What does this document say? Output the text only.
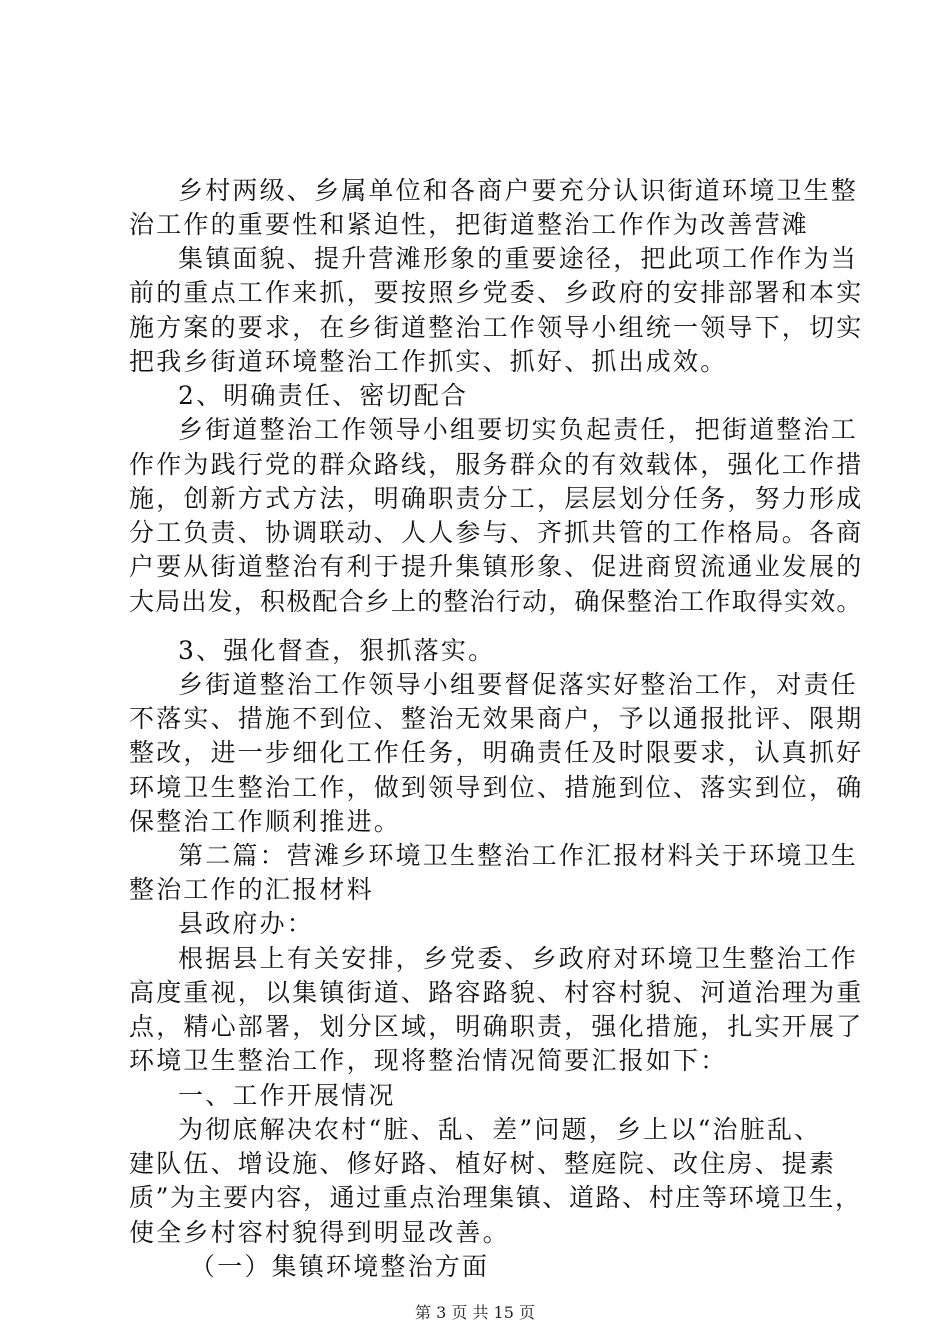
乡村两级、乡属单位和各商户要充分认识街道环境卫生整
治工作的重要性和紧迫性，把街道整治工作作为改善营滩
集镇面貌、提升营滩形象的重要途径，把此项工作作为当
前的重点工作来抓，要按照乡党委、乡政府的安排部署和本实
施方案的要求，在乡街道整治工作领导小组统一领导下，切实
把我乡街道环境整治工作抓实、抓好、抓出成效。
2、明确责任、密切配合
乡街道整治工作领导小组要切实负起责任，把街道整治工
作作为践行党的群众路线，服务群众的有效载体，强化工作措
施，创新方式方法，明确职责分工，层层划分任务，努力形成
分工负责、协调联动、人人参与、齐抓共管的工作格局。各商
户要从街道整治有利于提升集镇形象、促进商贸流通业发展的
大局出发，积极配合乡上的整治行动，确保整治工作取得实效。
3、强化督查，狠抓落实。
乡街道整治工作领导小组要督促落实好整治工作，对责任
不落实、措施不到位、整治无效果商户，予以通报批评、限期
整改，进一步细化工作任务，明确责任及时限要求，认真抓好
环境卫生整治工作，做到领导到位、措施到位、落实到位，确
保整治工作顺利推进。
第二篇：营滩乡环境卫生整治工作汇报材料关于环境卫生
整治工作的汇报材料
县政府办：
根据县上有关安排，乡党委、乡政府对环境卫生整治工作
高度重视，以集镇街道、路容路貌、村容村貌、河道治理为重
点，精心部署，划分区域，明确职责，强化措施，扎实开展了
环境卫生整治工作，现将整治情况简要汇报如下：
一、工作开展情况
为彻底解决农村“脏、乱、差”问题，乡上以“治脏乱、
建队伍、增设施、修好路、植好树、整庭院、改住房、提素
质”为主要内容，通过重点治理集镇、道路、村庄等环境卫生，
使全乡村容村貌得到明显改善。
（一）集镇环境整治方面
第 3 页 共 15 页
